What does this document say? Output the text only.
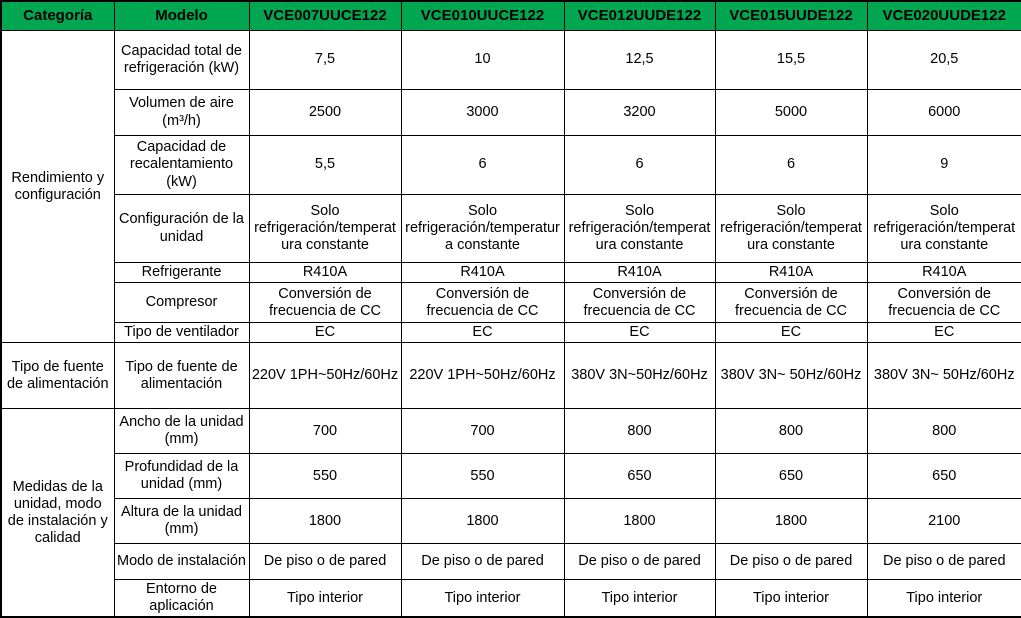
Categoría	Modelo	VCE007UUCE122	VCE010UUCE122	VCE012UUDE122	VCE015UUDE122	VCE020UUDE122
Rendimiento y configuración	Capacidad total de refrigeración (kW)	7,5	10	12,5	15,5	20,5
	Volumen de aire (m³/h)	2500	3000	3200	5000	6000
	Capacidad de recalentamiento (kW)	5,5	6	6	6	9
	Configuración de la unidad	Solo refrigeración/temperatura constante	Solo refrigeración/temperatura constante	Solo refrigeración/temperatura constante	Solo refrigeración/temperatura constante	Solo refrigeración/temperatura constante
	Refrigerante	R410A	R410A	R410A	R410A	R410A
	Compresor	Conversión de frecuencia de CC	Conversión de frecuencia de CC	Conversión de frecuencia de CC	Conversión de frecuencia de CC	Conversión de frecuencia de CC
	Tipo de ventilador	EC	EC	EC	EC	EC
Tipo de fuente de alimentación	Tipo de fuente de alimentación	220V 1PH~50Hz/60Hz	220V 1PH~50Hz/60Hz	380V 3N~50Hz/60Hz	380V 3N~ 50Hz/60Hz	380V 3N~ 50Hz/60Hz
Medidas de la unidad, modo de instalación y calidad	Ancho de la unidad (mm)	700	700	800	800	800
	Profundidad de la unidad (mm)	550	550	650	650	650
	Altura de la unidad (mm)	1800	1800	1800	1800	2100
	Modo de instalación	De piso o de pared	De piso o de pared	De piso o de pared	De piso o de pared	De piso o de pared
	Entorno de aplicación	Tipo interior	Tipo interior	Tipo interior	Tipo interior	Tipo interior
